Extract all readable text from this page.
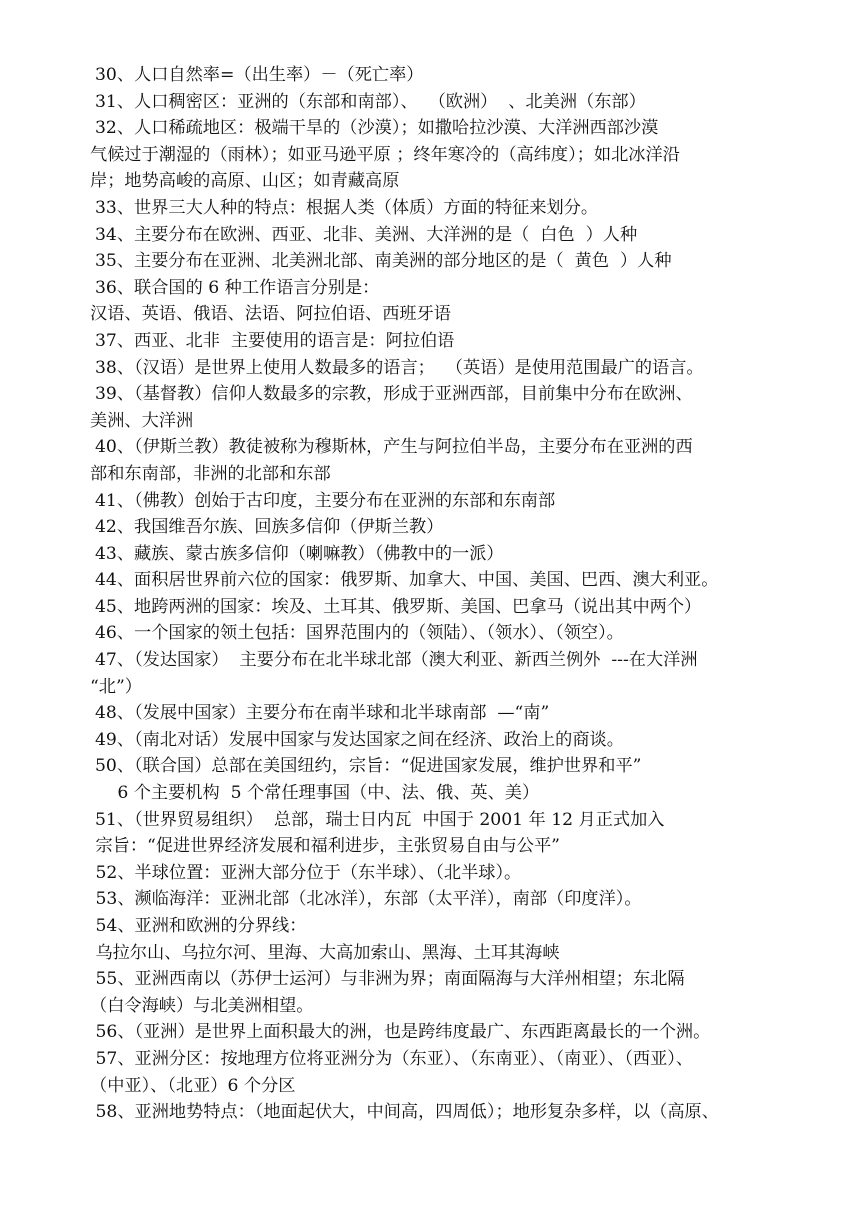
30、人口自然率=（出生率）－（死亡率）
31、人口稠密区：亚洲的（东部和南部）、  （欧洲）  、北美洲（东部）
32、人口稀疏地区：极端干旱的（沙漠）；如撒哈拉沙漠、大洋洲西部沙漠
气候过于潮湿的（雨林）；如亚马逊平原 ；终年寒冷的（高纬度）；如北冰洋沿
岸；地势高峻的高原、山区；如青藏高原
33、世界三大人种的特点：根据人类（体质）方面的特征来划分。
34、主要分布在欧洲、西亚、北非、美洲、大洋洲的是（  白色  ）人种
35、主要分布在亚洲、北美洲北部、南美洲的部分地区的是（  黄色  ）人种
36、联合国的 6 种工作语言分别是：
汉语、英语、俄语、法语、阿拉伯语、西班牙语
37、西亚、北非  主要使用的语言是：阿拉伯语
38、（汉语）是世界上使用人数最多的语言；  （英语）是使用范围最广的语言。
39、（基督教）信仰人数最多的宗教，形成于亚洲西部，目前集中分布在欧洲、
美洲、大洋洲
40、（伊斯兰教）教徒被称为穆斯林，产生与阿拉伯半岛，主要分布在亚洲的西
部和东南部，非洲的北部和东部
41、（佛教）创始于古印度，主要分布在亚洲的东部和东南部
42、我国维吾尔族、回族多信仰（伊斯兰教）
43、藏族、蒙古族多信仰（喇嘛教）（佛教中的一派）
44、面积居世界前六位的国家：俄罗斯、加拿大、中国、美国、巴西、澳大利亚。
45、地跨两洲的国家：埃及、土耳其、俄罗斯、美国、巴拿马（说出其中两个）
46、一个国家的领土包括：国界范围内的（领陆）、（领水）、（领空）。
47、（发达国家）  主要分布在北半球北部（澳大利亚、新西兰例外  ---在大洋洲
“北”）
48、（发展中国家）主要分布在南半球和北半球南部  —“南”
49、（南北对话）发展中国家与发达国家之间在经济、政治上的商谈。
50、（联合国）总部在美国纽约，宗旨：“促进国家发展，维护世界和平”
6 个主要机构  5 个常任理事国（中、法、俄、英、美）
51、（世界贸易组织）  总部，瑞士日内瓦  中国于 2001 年 12 月正式加入
宗旨：“促进世界经济发展和福利进步，主张贸易自由与公平”
52、半球位置：亚洲大部分位于（东半球）、（北半球）。
53、濒临海洋：亚洲北部（北冰洋），东部（太平洋），南部（印度洋）。
54、亚洲和欧洲的分界线：
乌拉尔山、乌拉尔河、里海、大高加索山、黑海、土耳其海峡
55、亚洲西南以（苏伊士运河）与非洲为界；南面隔海与大洋州相望；东北隔
（白令海峡）与北美洲相望。
56、（亚洲）是世界上面积最大的洲，也是跨纬度最广、东西距离最长的一个洲。
57、亚洲分区：按地理方位将亚洲分为（东亚）、（东南亚）、（南亚）、（西亚）、
（中亚）、（北亚）6 个分区
58、亚洲地势特点：（地面起伏大，中间高，四周低）；地形复杂多样，以（高原、
